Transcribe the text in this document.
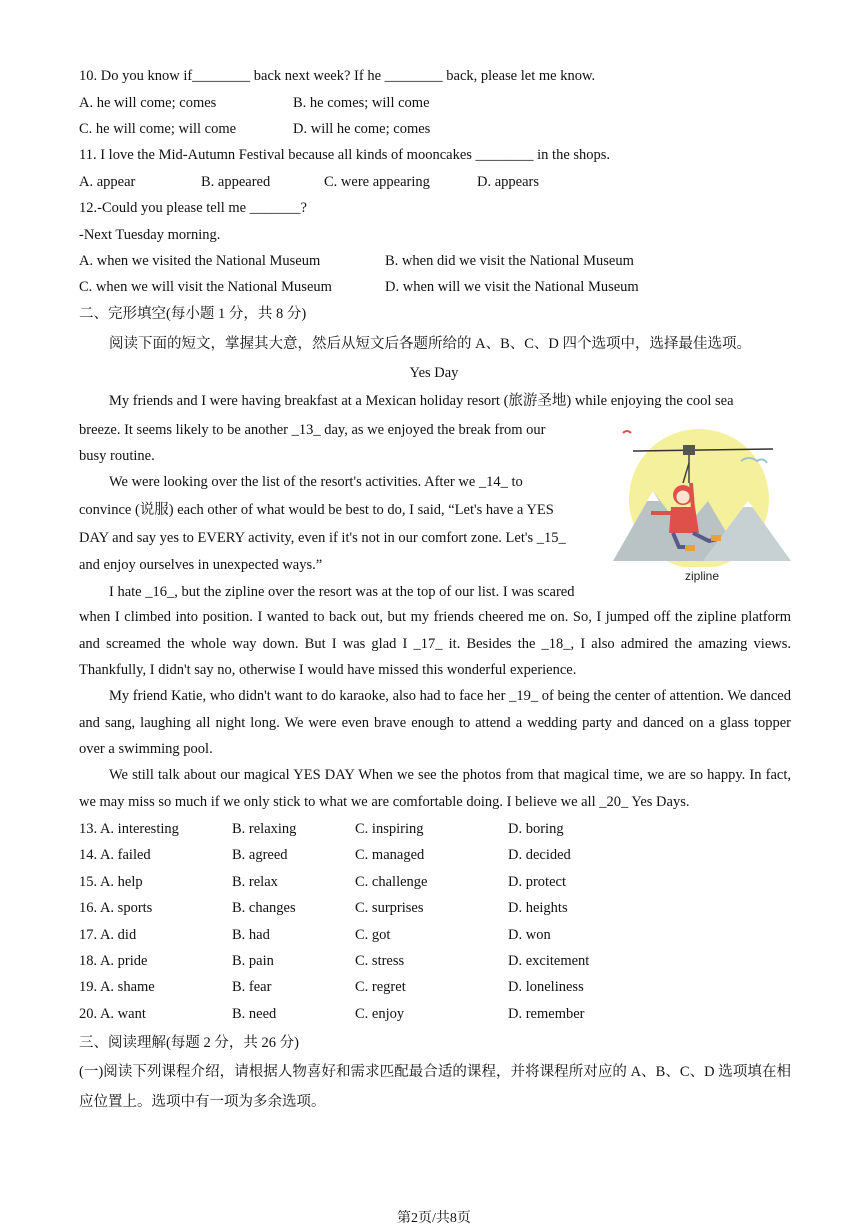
10. Do you know if________ back next week? If he ________ back, please let me know.
A. he will come; comes	B. he comes; will come
C. he will come; will come	D. will he come; comes
11. I love the Mid-Autumn Festival because all kinds of mooncakes ________ in the shops.
A. appear	B. appeared	C. were appearing	D. appears
12.-Could you please tell me _______?
-Next Tuesday morning.
A. when we visited the National Museum	B. when did we visit the National Museum
C. when we will visit the National Museum	D. when will we visit the National Museum
二、完形填空(每小题 1 分，共 8 分)
阅读下面的短文，掌握其大意，然后从短文后各题所给的 A、B、C、D 四个选项中，选择最佳选项。
Yes Day
My friends and I were having breakfast at a Mexican holiday resort (旅游圣地) while enjoying the cool sea
breeze. It seems likely to be another _13_ day, as we enjoyed the break from our
busy routine.
We were looking over the list of the resort's activities. After we _14_ to
convince (说服) each other of what would be best to do, I said, “Let's have a YES
DAY and say yes to EVERY activity, even if it's not in our comfort zone. Let's _15_
and enjoy ourselves in unexpected ways.”
I hate _16_, but the zipline over the resort was at the top of our list. I was scared
when I climbed into position. I wanted to back out, but my friends cheered me on. So, I jumped off the zipline platform and screamed the whole way down. But I was glad I _17_ it. Besides the _18_, I also admired the amazing views. Thankfully, I didn't say no, otherwise I would have missed this wonderful experience.
My friend Katie, who didn't want to do karaoke, also had to face her _19_ of being the center of attention. We danced and sang, laughing all night long. We were even brave enough to attend a wedding party and danced on a glass topper over a swimming pool.
We still talk about our magical YES DAY When we see the photos from that magical time, we are so happy. In fact, we may miss so much if we only stick to what we are comfortable doing. I believe we all _20_ Yes Days.
zipline
13. A. interesting	B. relaxing	C. inspiring	D. boring
14. A. failed	B. agreed	C. managed	D. decided
15. A. help	B. relax	C. challenge	D. protect
16. A. sports	B. changes	C. surprises	D. heights
17. A. did	B. had	C. got	D. won
18. A. pride	B. pain	C. stress	D. excitement
19. A. shame	B. fear	C. regret	D. loneliness
20. A. want	B. need	C. enjoy	D. remember
三、阅读理解(每题 2 分，共 26 分)
(一)阅读下列课程介绍，请根据人物喜好和需求匹配最合适的课程，并将课程所对应的 A、B、C、D 选项填在相应位置上。选项中有一项为多余选项。
第2页/共8页
